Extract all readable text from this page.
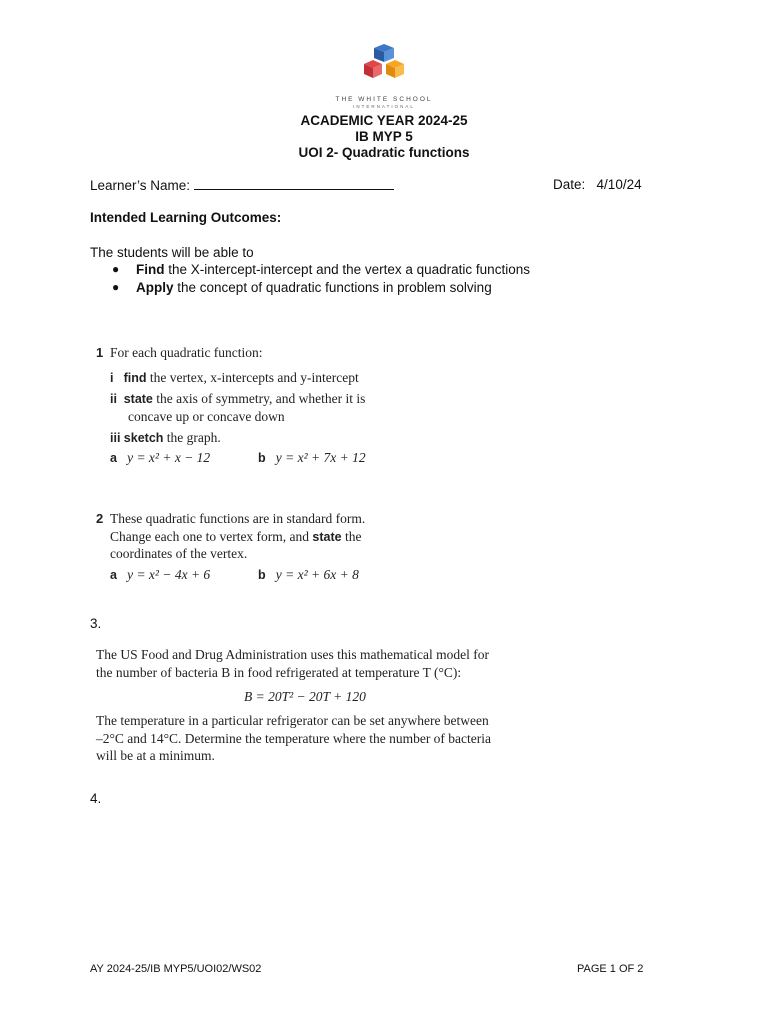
THE WHITE SCHOOL
INTERNATIONAL
ACADEMIC YEAR 2024-25
IB MYP 5
UOI 2- Quadratic functions
Learner’s Name:	Date: 4/10/24
Intended Learning Outcomes:
The students will be able to
● Find the X-intercept-intercept and the vertex a quadratic functions
● Apply the concept of quadratic functions in problem solving
1 For each quadratic function:
i find the vertex, x-intercepts and y-intercept
ii state the axis of symmetry, and whether it is
concave up or concave down
iii sketch the graph.
a y = x² + x − 12	b y = x² + 7x + 12
2 These quadratic functions are in standard form.
Change each one to vertex form, and state the
coordinates of the vertex.
a y = x² − 4x + 6	b y = x² + 6x + 8
3.
The US Food and Drug Administration uses this mathematical model for
the number of bacteria B in food refrigerated at temperature T (°C):
B = 20T² − 20T + 120
The temperature in a particular refrigerator can be set anywhere between
–2°C and 14°C. Determine the temperature where the number of bacteria
will be at a minimum.
4.
AY 2024-25/IB MYP5/UOI02/WS02	PAGE 1 OF 2
